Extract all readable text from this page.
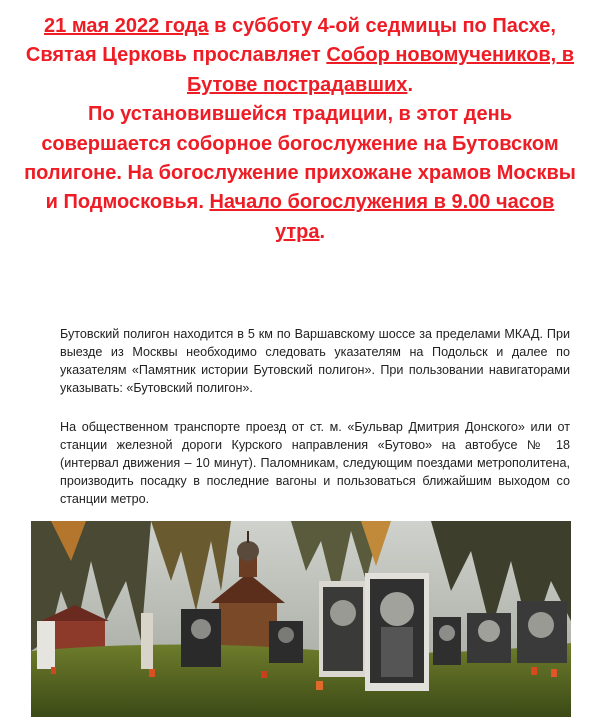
21 мая 2022 года в субботу 4-ой седмицы по Пасхе, Святая Церковь прославляет Собор новомучеников, в Бутове пострадавших.
По установившейся традиции, в этот день совершается соборное богослужение на Бутовском полигоне. На богослужение прихожане храмов Москвы и Подмосковья. Начало богослужения в 9.00 часов утра.

Бутовский полигон находится в 5 км по Варшавскому шоссе за пределами МКАД. При выезде из Москвы необходимо следовать указателям на Подольск и далее по указателям «Памятник истории Бутовский полигон». При пользовании навигаторами указывать: «Бутовский полигон».

На общественном транспорте проезд от ст. м. «Бульвар Дмитрия Донского» или от станции железной дороги Курского направления «Бутово» на автобусе № 18 (интервал движения – 10 минут). Паломникам, следующим поездами метрополитена, производить посадку в последние вагоны и пользоваться ближайшим выходом со станции метро.
